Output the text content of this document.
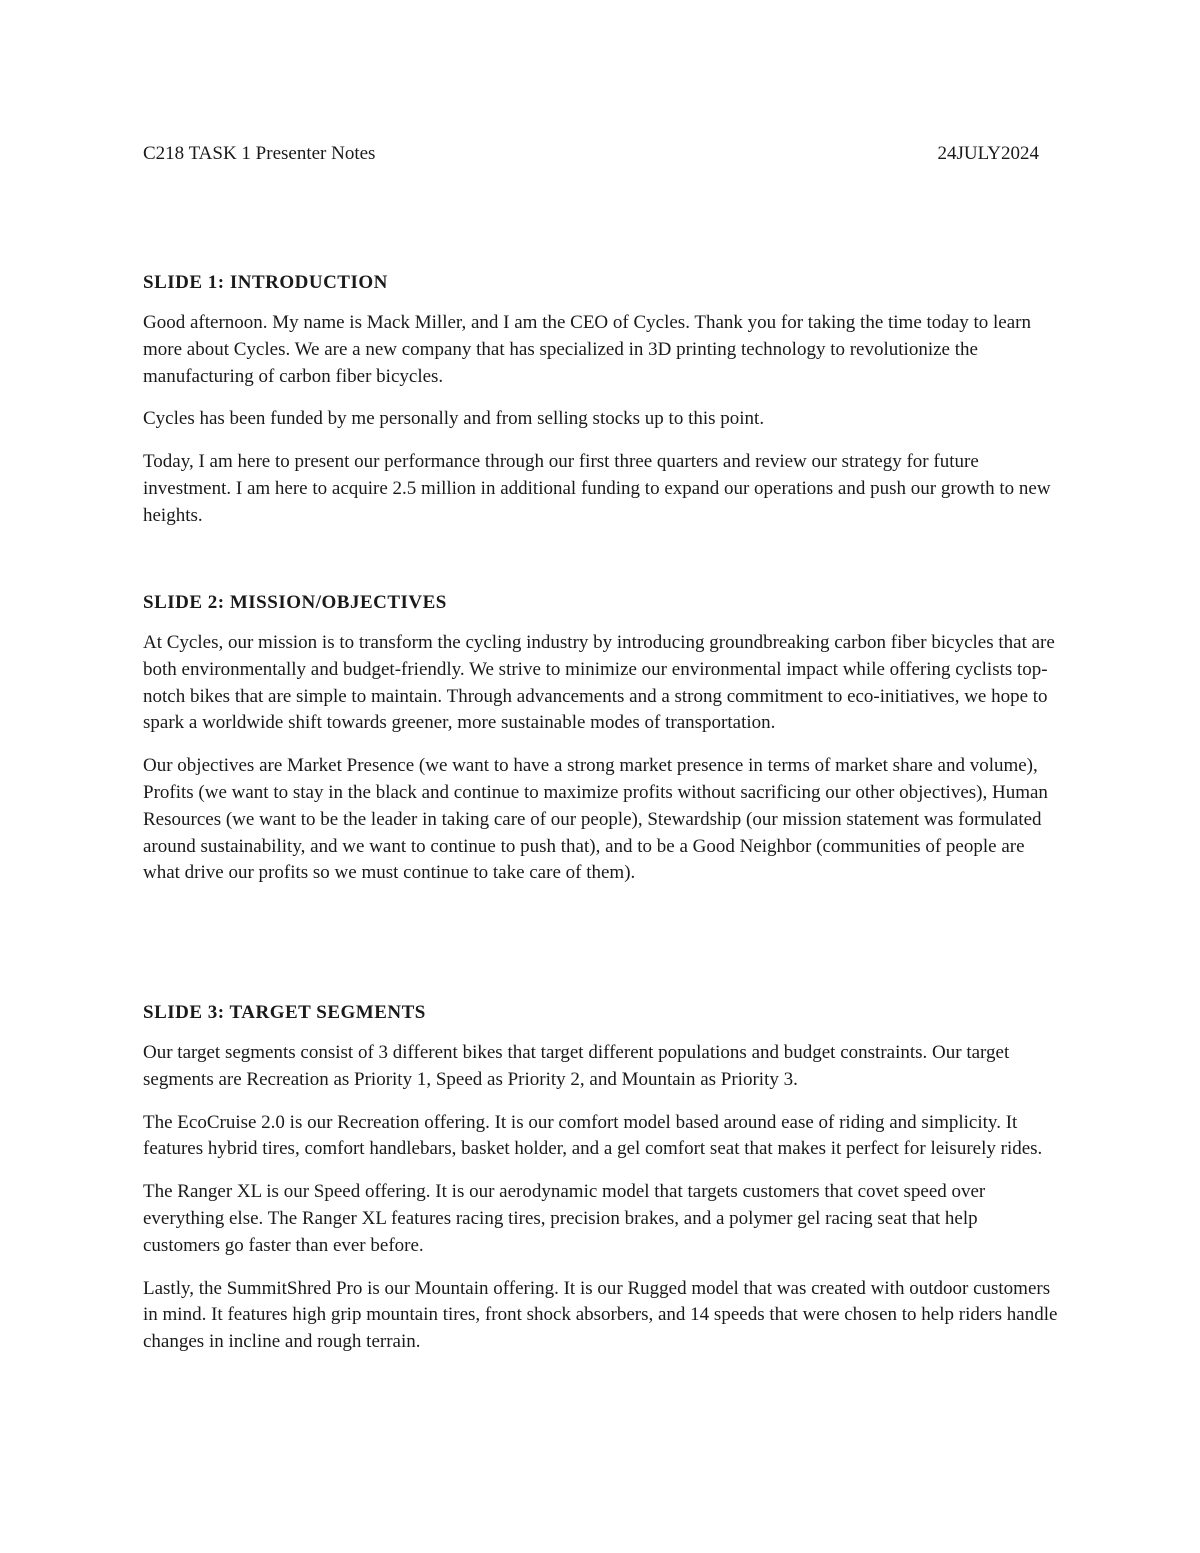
C218 TASK 1 Presenter Notes	24JULY2024
SLIDE 1: INTRODUCTION

Good afternoon. My name is Mack Miller, and I am the CEO of Cycles. Thank you for taking the time today to learn more about Cycles. We are a new company that has specialized in 3D printing technology to revolutionize the manufacturing of carbon fiber bicycles.

Cycles has been funded by me personally and from selling stocks up to this point.

Today, I am here to present our performance through our first three quarters and review our strategy for future investment. I am here to acquire 2.5 million in additional funding to expand our operations and push our growth to new heights.

SLIDE 2: MISSION/OBJECTIVES

At Cycles, our mission is to transform the cycling industry by introducing groundbreaking carbon fiber bicycles that are both environmentally and budget-friendly. We strive to minimize our environmental impact while offering cyclists top-notch bikes that are simple to maintain. Through advancements and a strong commitment to eco-initiatives, we hope to spark a worldwide shift towards greener, more sustainable modes of transportation.

Our objectives are Market Presence (we want to have a strong market presence in terms of market share and volume), Profits (we want to stay in the black and continue to maximize profits without sacrificing our other objectives), Human Resources (we want to be the leader in taking care of our people), Stewardship (our mission statement was formulated around sustainability, and we want to continue to push that), and to be a Good Neighbor (communities of people are what drive our profits so we must continue to take care of them).

SLIDE 3: TARGET SEGMENTS

Our target segments consist of 3 different bikes that target different populations and budget constraints. Our target segments are Recreation as Priority 1, Speed as Priority 2, and Mountain as Priority 3.

The EcoCruise 2.0 is our Recreation offering. It is our comfort model based around ease of riding and simplicity. It features hybrid tires, comfort handlebars, basket holder, and a gel comfort seat that makes it perfect for leisurely rides.

The Ranger XL is our Speed offering. It is our aerodynamic model that targets customers that covet speed over everything else. The Ranger XL features racing tires, precision brakes, and a polymer gel racing seat that help customers go faster than ever before.

Lastly, the SummitShred Pro is our Mountain offering. It is our Rugged model that was created with outdoor customers in mind. It features high grip mountain tires, front shock absorbers, and 14 speeds that were chosen to help riders handle changes in incline and rough terrain.
